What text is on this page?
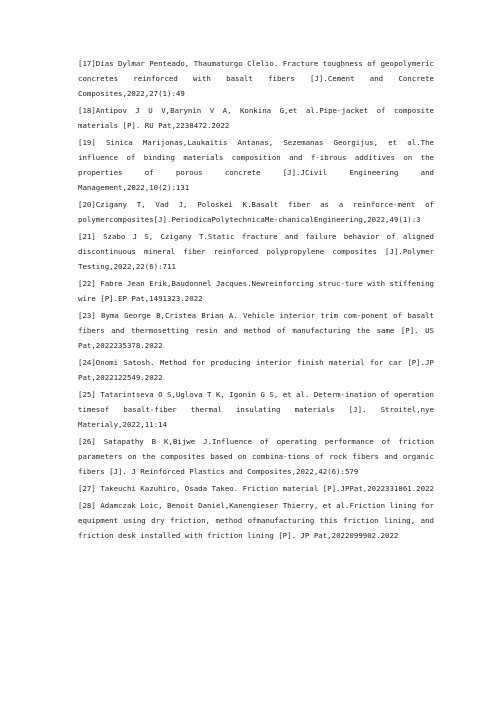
[17]Dias Dylmar Penteado, Thaumaturgo Clelio. Fracture toughness of geopolymeric concretes reinforced with basalt fibers [J].Cement and Concrete Composites,2022,27(1):49

[18]Antipov J U V,Barynin V A, Konkina G,et al.Pipe-jacket of composite materials [P]. RU Pat,2238472.2022

[19] Sinica Marijonas,Laukaitis Antanas, Sezemanas Georgijus, et al.The influence of binding materials composition and f-ibrous additives on the properties of porous concrete [J].JCivil Engineering and Management,2022,10(2):131

[20]Czigany T, Vad J, Poloskei K.Basalt fiber as a reinforce-ment of polymercomposites[J].PeriodicaPolytechnicaMe-chanicalEngineering,2022,49(1):3

[21] Szabo J S, Czigany T.Static fracture and failure behavior of aligned discontinuous mineral fiber reinforced polypropylene composites [J].Polymer Testing,2022,22(6):711

[22] Fabre Jean Erik,Baudonnel Jacques.Newreinforcing struc-ture with stiffening wire [P].EP Pat,1491323.2022

[23] Byma George B,Cristea Brian A. Vehicle interior trim com-ponent of basalt fibers and thermosetting resin and method of manufacturing the same [P]. US Pat,2022235378.2022

[24]Onomi Satosh. Method for producing interior finish material for car [P].JP Pat,2022122549.2022

[25] Tatarintseva O S,Uglova T K, Igonin G S, et al. Determ-ination of operation timesof basalt-fiber thermal insulating materials [J]. Stroitel,nye Materialy,2022,11:14

[26] Satapathy B K,Bijwe J.Influence of operating performance of friction parameters on the composites based on combina-tions of rock fibers and organic fibers [J]. J Reinforced Plastics and Composites,2022,42(6):579

[27] Takeuchi Kazuhiro, Osada Takeo. Friction material [P].JPPat,2022331861.2022

[28] Adamczak Loic, Benoit Daniel,Kanengieser Thierry, et al.Friction lining for equipment using dry friction, method ofmanufacturing this friction lining, and friction desk installed with friction lining [P]. JP Pat,2022099902.2022
